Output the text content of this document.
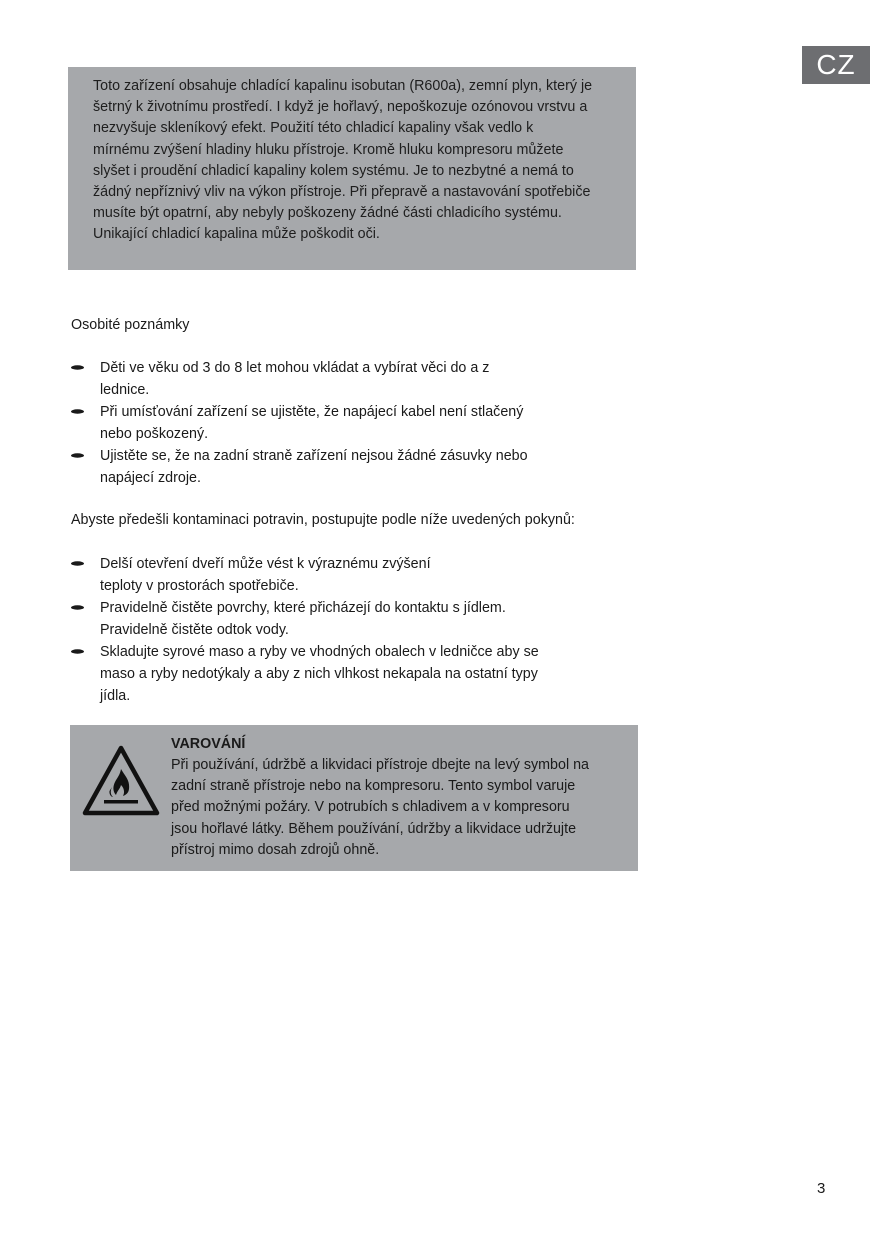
CZ

Toto zařízení obsahuje chladící kapalinu isobutan (R600a), zemní plyn, který je
šetrný k životnímu prostředí. I když je hořlavý, nepoškozuje ozónovou vrstvu a
nezvyšuje skleníkový efekt. Použití této chladicí kapaliny však vedlo k
mírnému zvýšení hladiny hluku přístroje. Kromě hluku kompresoru můžete
slyšet i proudění chladicí kapaliny kolem systému. Je to nezbytné a nemá to
žádný nepříznivý vliv na výkon přístroje. Při přepravě a nastavování spotřebiče
musíte být opatrní, aby nebyly poškozeny žádné části chladicího systému.
Unikající chladicí kapalina může poškodit oči.

Osobité poznámky

Děti ve věku od 3 do 8 let mohou vkládat a vybírat věci do a z
lednice.
Při umísťování zařízení se ujistěte, že napájecí kabel není stlačený
nebo poškozený.
Ujistěte se, že na zadní straně zařízení nejsou žádné zásuvky nebo
napájecí zdroje.

Abyste předešli kontaminaci potravin, postupujte podle níže uvedených pokynů:

Delší otevření dveří může vést k výraznému zvýšení
teploty v prostorách spotřebiče.
Pravidelně čistěte povrchy, které přicházejí do kontaktu s jídlem.
Pravidelně čistěte odtok vody.
Skladujte syrové maso a ryby ve vhodných obalech v ledničce aby se
maso a ryby nedotýkaly a aby z nich vlhkost nekapala na ostatní typy
jídla.

VAROVÁNÍ

Při používání, údržbě a likvidaci přístroje dbejte na levý symbol na
zadní straně přístroje nebo na kompresoru. Tento symbol varuje
před možnými požáry. V potrubích s chladivem a v kompresoru
jsou hořlavé látky. Během používání, údržby a likvidace udržujte
přístroj mimo dosah zdrojů ohně.

3
